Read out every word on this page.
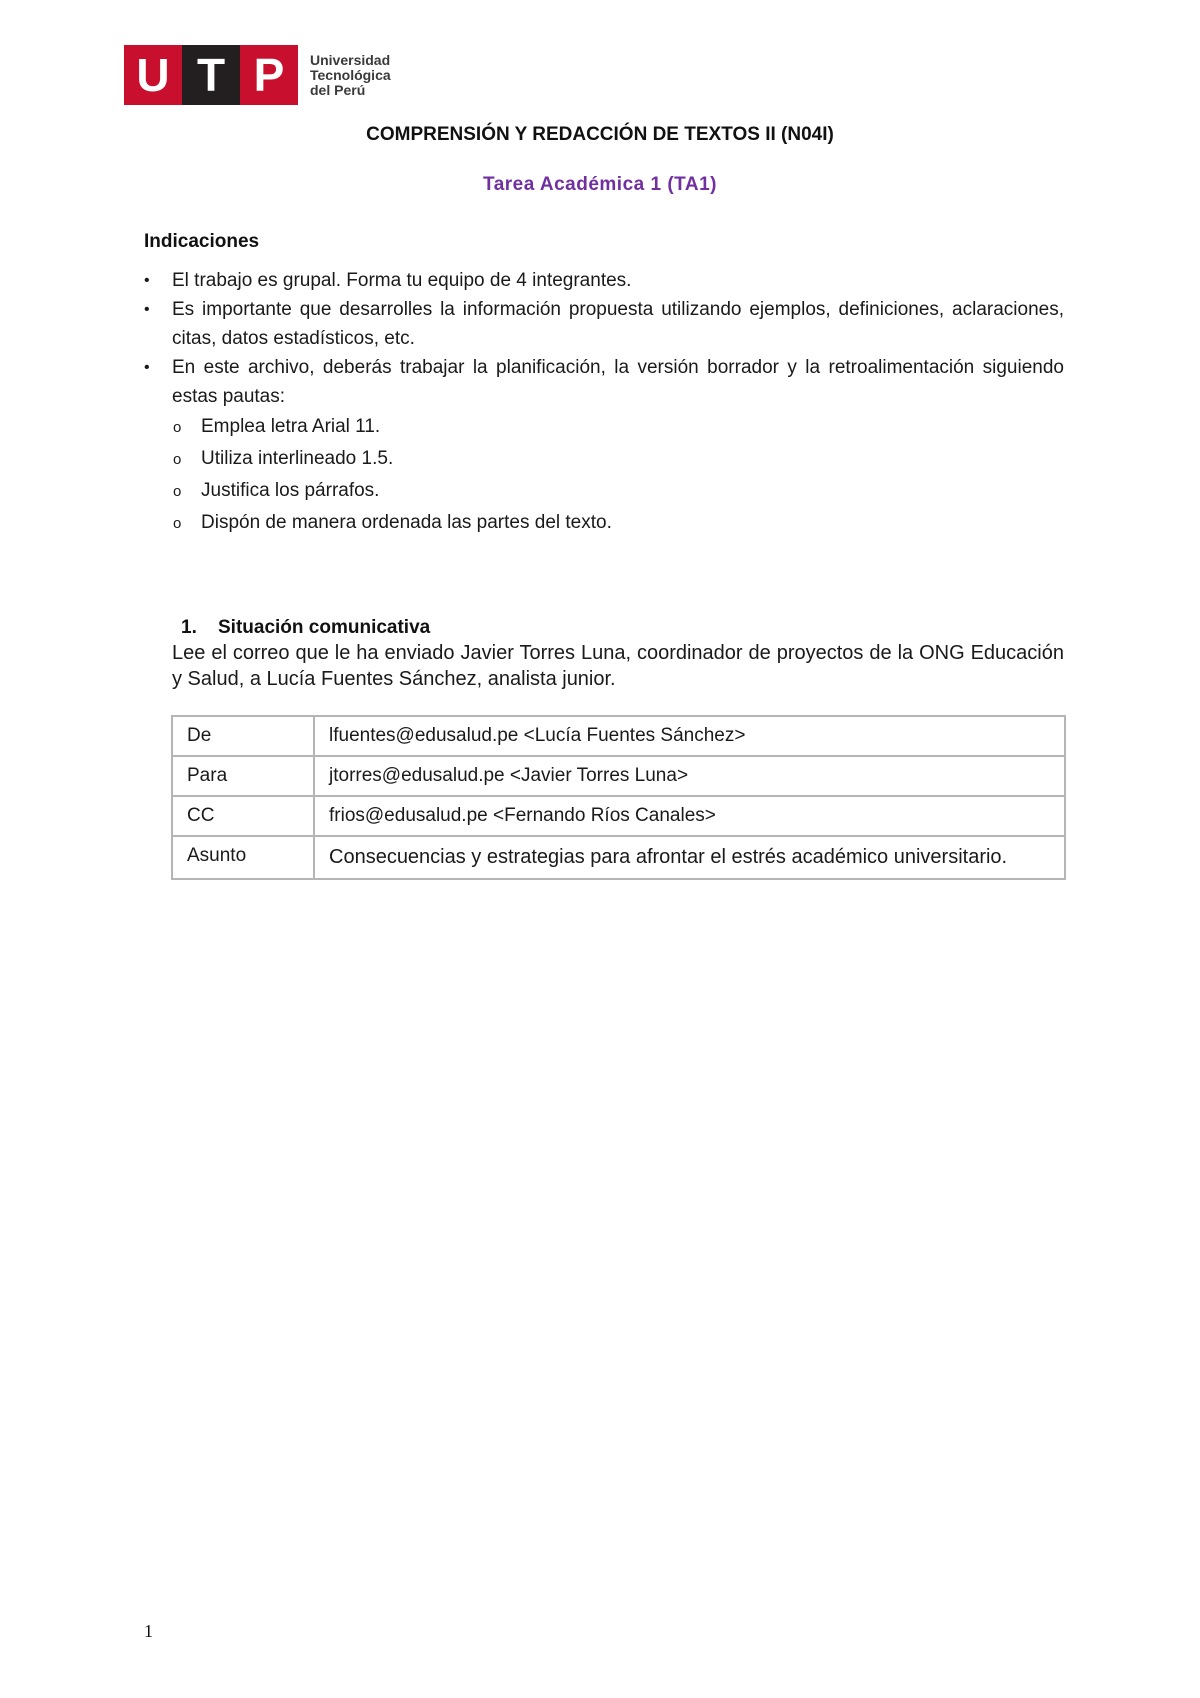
U T P	Universidad
Tecnológica
del Perú
COMPRENSIÓN Y REDACCIÓN DE TEXTOS II (N04I)
Tarea Académica 1 (TA1)
Indicaciones
• El trabajo es grupal. Forma tu equipo de 4 integrantes.
• Es importante que desarrolles la información propuesta utilizando ejemplos, definiciones, aclaraciones, citas, datos estadísticos, etc.
• En este archivo, deberás trabajar la planificación, la versión borrador y la retroalimentación siguiendo estas pautas:
o Emplea letra Arial 11.
o Utiliza interlineado 1.5.
o Justifica los párrafos.
o Dispón de manera ordenada las partes del texto.
1. Situación comunicativa
Lee el correo que le ha enviado Javier Torres Luna, coordinador de proyectos de la ONG Educación y Salud, a Lucía Fuentes Sánchez, analista junior.
De	lfuentes@edusalud.pe <Lucía Fuentes Sánchez>
Para	jtorres@edusalud.pe <Javier Torres Luna>
CC	frios@edusalud.pe <Fernando Ríos Canales>
Asunto	Consecuencias y estrategias para afrontar el estrés académico universitario.
1
